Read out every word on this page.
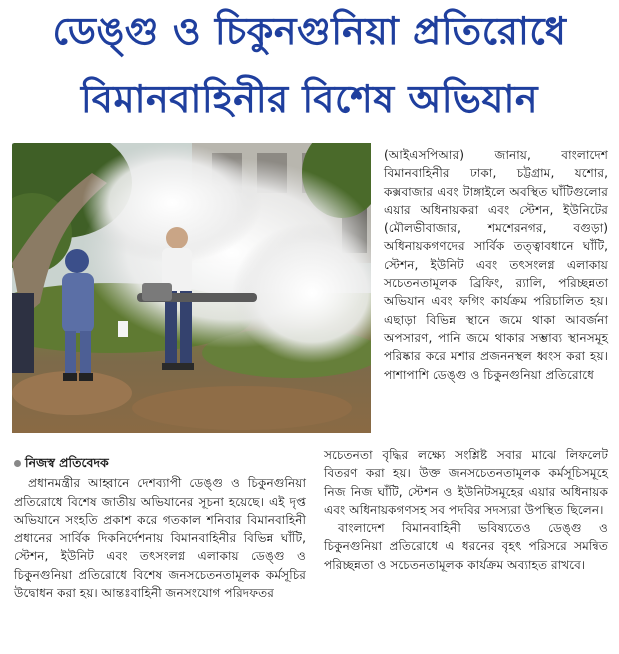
ডেঙ্গু ও চিকুনগুনিয়া প্রতিরোধে
বিমানবাহিনীর বিশেষ অভিযান

(আইএসপিআর) জানায়, বাংলাদেশ বিমানবাহিনীর ঢাকা, চট্টগ্রাম, যশোর, কক্সবাজার এবং টাঙ্গাইলে অবস্থিত ঘাঁটিগুলোর এয়ার অধিনায়করা এবং স্টেশন, ইউনিটের (মৌলভীবাজার, শমশেরনগর, বগুড়া) অধিনায়কগণদের সার্বিক তত্ত্বাবধানে ঘাঁটি, স্টেশন, ইউনিট এবং তৎসংলগ্ন এলাকায় সচেতনতামূলক ব্রিফিং, র‍্যালি, পরিচ্ছন্নতা অভিযান এবং ফগিং কার্যক্রম পরিচালিত হয়। এছাড়া বিভিন্ন স্থানে জমে থাকা আবর্জনা অপসারণ, পানি জমে থাকার সম্ভাব্য স্থানসমূহ পরিষ্কার করে মশার প্রজননস্থল ধ্বংস করা হয়। পাশাপাশি ডেঙ্গু ও চিকুনগুনিয়া প্রতিরোধে

নিজস্ব প্রতিবেদক

প্রধানমন্ত্রীর আহ্বানে দেশব্যাপী ডেঙ্গু ও চিকুনগুনিয়া প্রতিরোধে বিশেষ জাতীয় অভিযানের সূচনা হয়েছে। এই দৃপ্ত অভিযানে সংহতি প্রকাশ করে গতকাল শনিবার বিমানবাহিনী প্রধানের সার্বিক দিকনির্দেশনায় বিমানবাহিনীর বিভিন্ন ঘাঁটি, স্টেশন, ইউনিট এবং তৎসংলগ্ন এলাকায় ডেঙ্গু ও চিকুনগুনিয়া প্রতিরোধে বিশেষ জনসচেতনতামূলক কর্মসূচির উদ্বোধন করা হয়। আন্তঃবাহিনী জনসংযোগ পরিদফতর

সচেতনতা বৃদ্ধির লক্ষ্যে সংশ্লিষ্ট সবার মাঝে লিফলেট বিতরণ করা হয়। উক্ত জনসচেতনতামূলক কর্মসূচিসমূহে নিজ নিজ ঘাঁটি, স্টেশন ও ইউনিটসমূহের এয়ার অধিনায়ক এবং অধিনায়কগণসহ সব পদবির সদস্যরা উপস্থিত ছিলেন।

বাংলাদেশ বিমানবাহিনী ভবিষ্যতেও ডেঙ্গু ও চিকুনগুনিয়া প্রতিরোধে এ ধরনের বৃহৎ পরিসরে সমন্বিত পরিচ্ছন্নতা ও সচেতনতামূলক কার্যক্রম অব্যাহত রাখবে।
